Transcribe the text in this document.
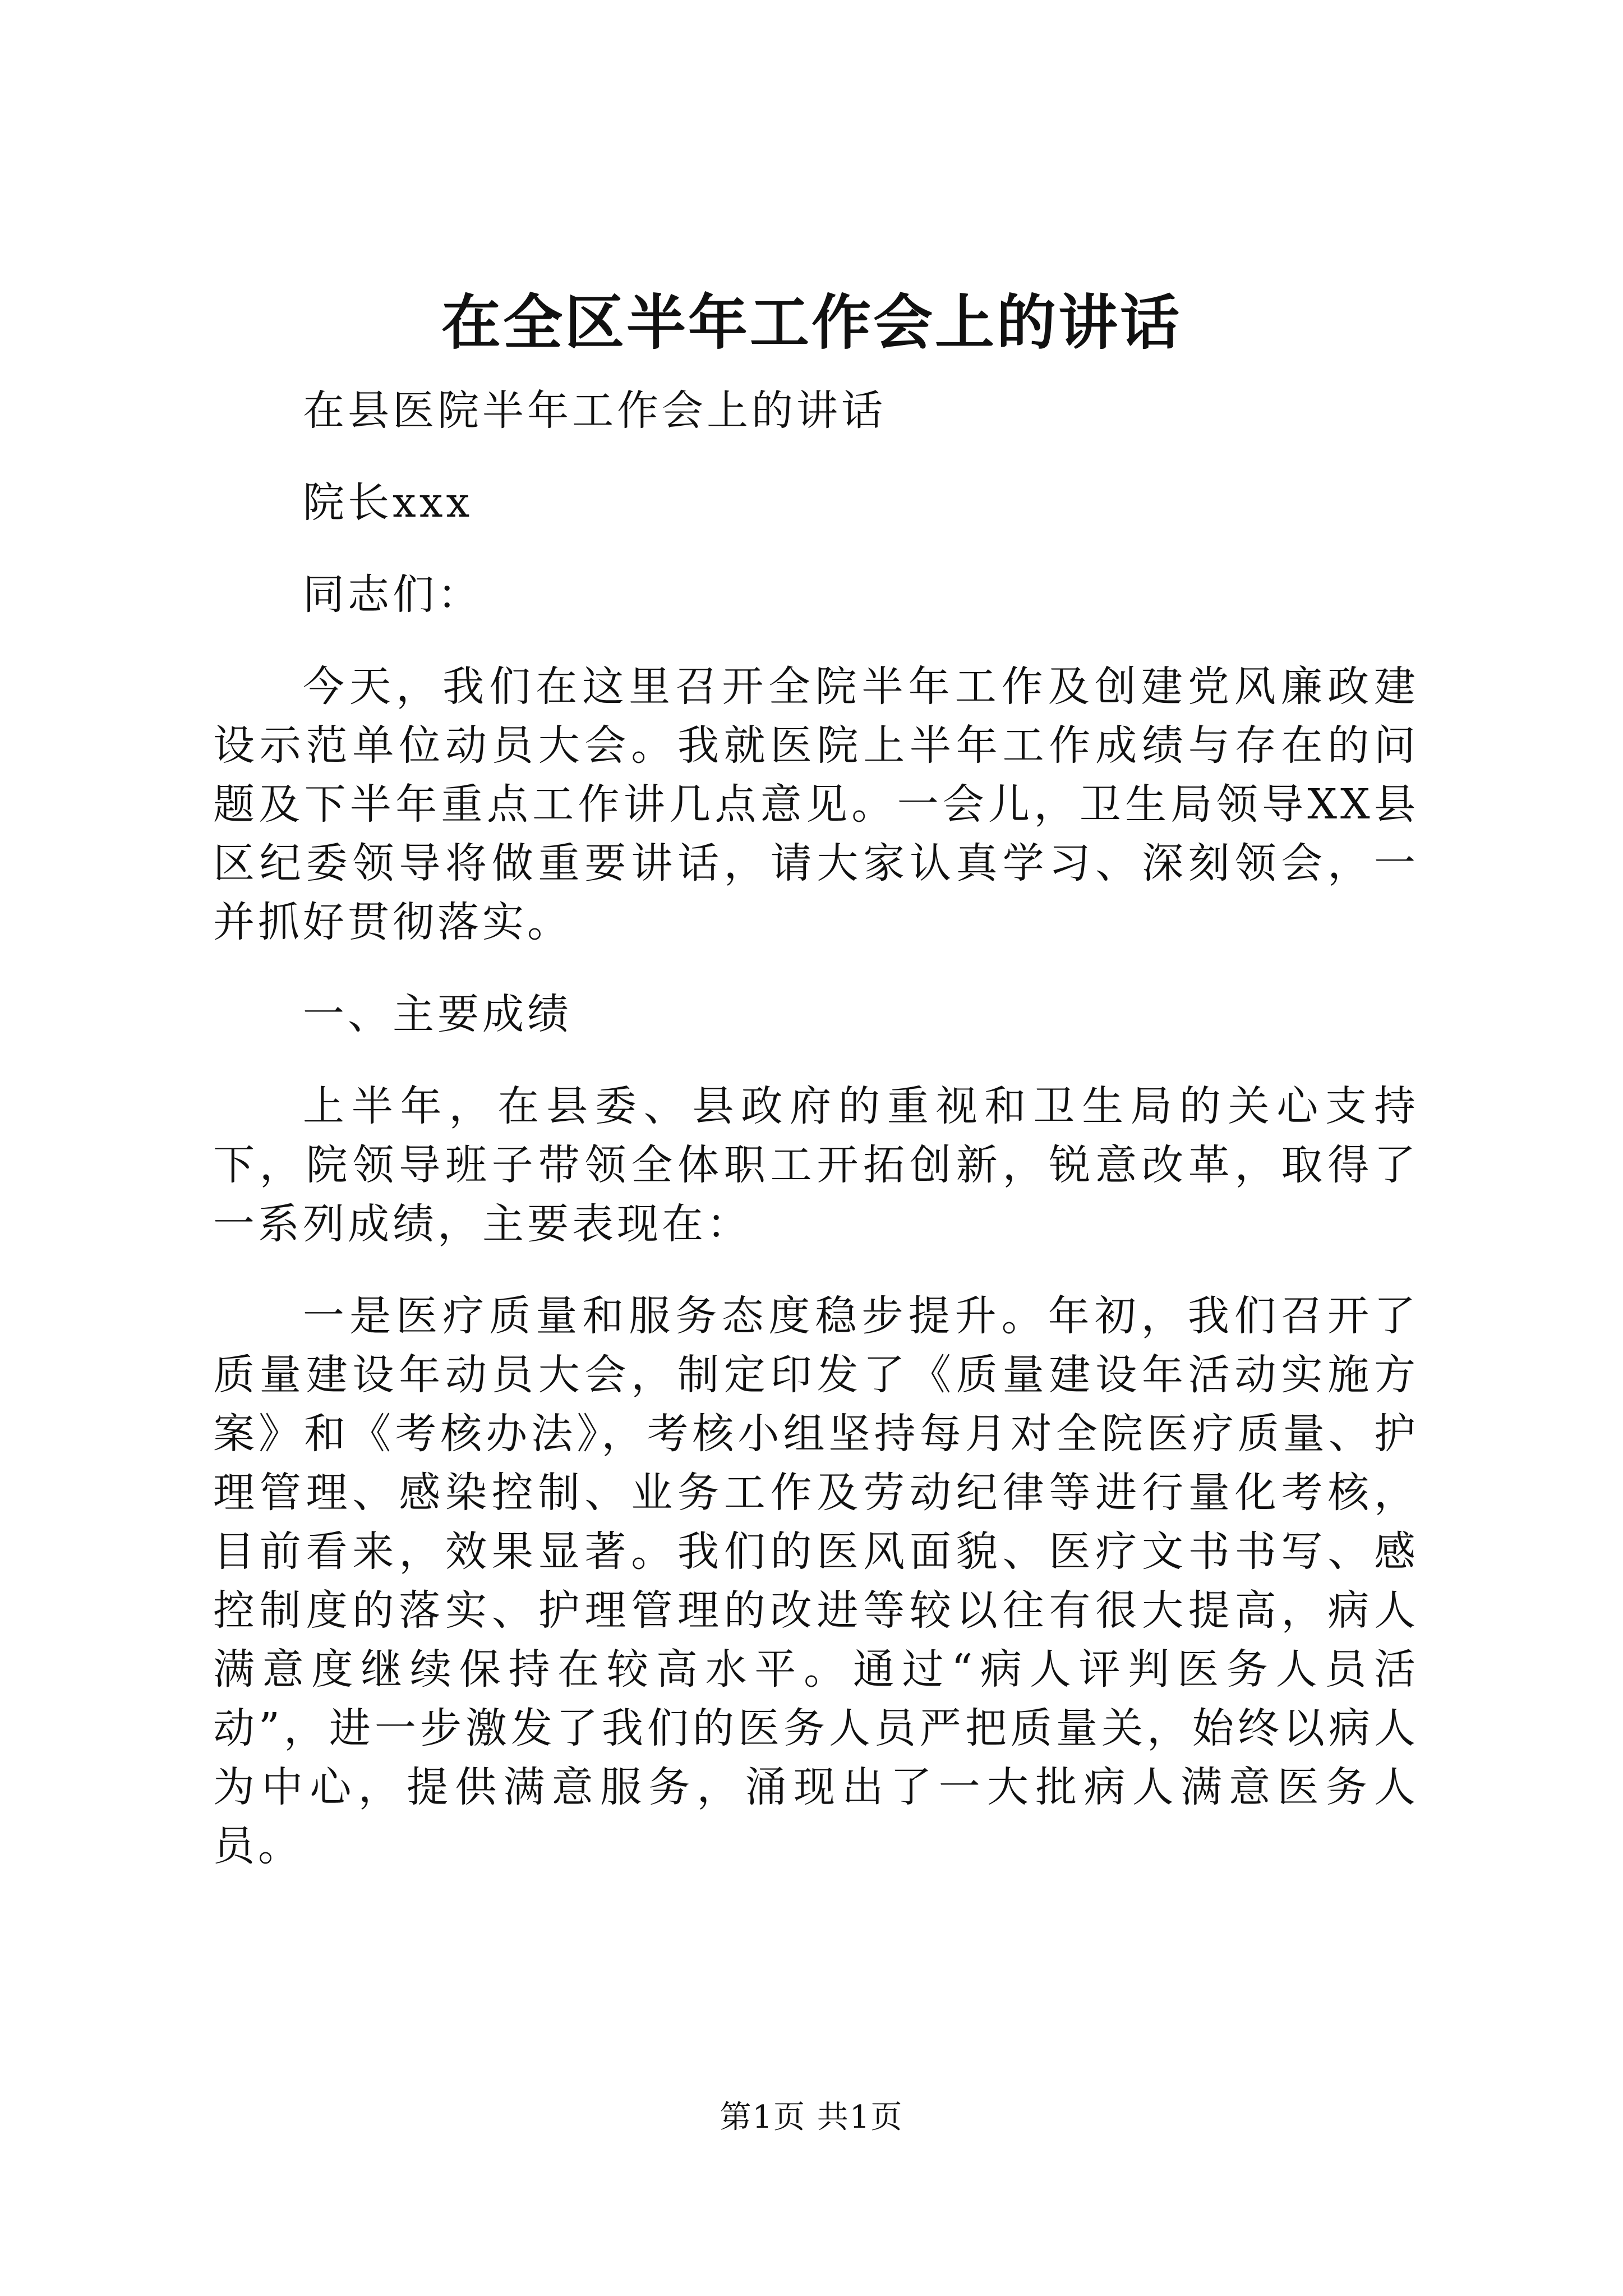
在全区半年工作会上的讲话

在县医院半年工作会上的讲话

院长xxx

同志们：

今天，我们在这里召开全院半年工作及创建党风廉政建设示范单位动员大会。我就医院上半年工作成绩与存在的问题及下半年重点工作讲几点意见。一会儿，卫生局领导XX县区纪委领导将做重要讲话，请大家认真学习、深刻领会，一并抓好贯彻落实。

一、主要成绩

上半年，在县委、县政府的重视和卫生局的关心支持下，院领导班子带领全体职工开拓创新，锐意改革，取得了一系列成绩，主要表现在：

一是医疗质量和服务态度稳步提升。年初，我们召开了质量建设年动员大会，制定印发了《质量建设年活动实施方案》和《考核办法》，考核小组坚持每月对全院医疗质量、护理管理、感染控制、业务工作及劳动纪律等进行量化考核，目前看来，效果显著。我们的医风面貌、医疗文书书写、感控制度的落实、护理管理的改进等较以往有很大提高，病人满意度继续保持在较高水平。通过“病人评判医务人员活动”，进一步激发了我们的医务人员严把质量关，始终以病人为中心，提供满意服务，涌现出了一大批病人满意医务人员。

第1页 共1页
